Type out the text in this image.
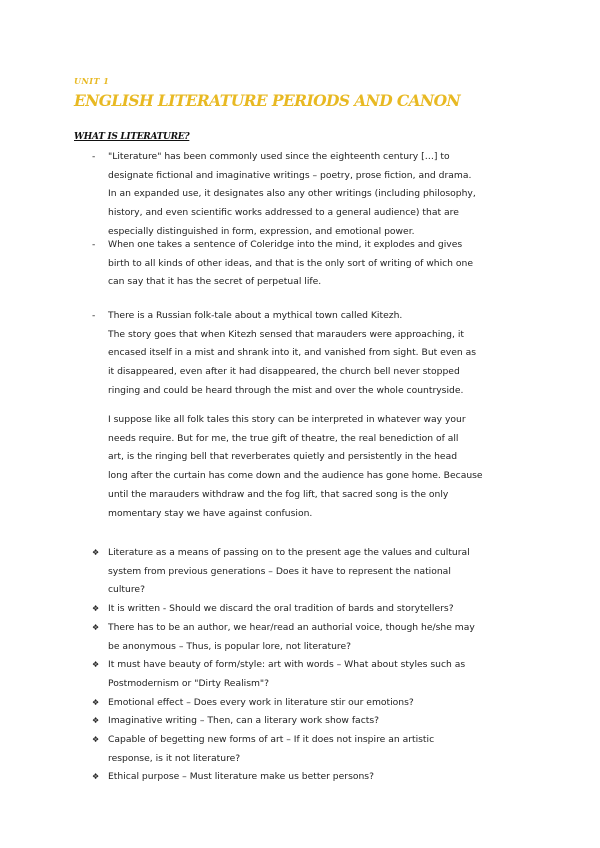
UNIT 1
ENGLISH LITERATURE PERIODS AND CANON
WHAT IS LITERATURE?
- "Literature" has been commonly used since the eighteenth century […] to
designate fictional and imaginative writings – poetry, prose fiction, and drama.
In an expanded use, it designates also any other writings (including philosophy,
history, and even scientific works addressed to a general audience) that are
especially distinguished in form, expression, and emotional power.
- When one takes a sentence of Coleridge into the mind, it explodes and gives
birth to all kinds of other ideas, and that is the only sort of writing of which one
can say that it has the secret of perpetual life.
- There is a Russian folk-tale about a mythical town called Kitezh.
The story goes that when Kitezh sensed that marauders were approaching, it
encased itself in a mist and shrank into it, and vanished from sight. But even as
it disappeared, even after it had disappeared, the church bell never stopped
ringing and could be heard through the mist and over the whole countryside.
I suppose like all folk tales this story can be interpreted in whatever way your
needs require. But for me, the true gift of theatre, the real benediction of all
art, is the ringing bell that reverberates quietly and persistently in the head
long after the curtain has come down and the audience has gone home. Because
until the marauders withdraw and the fog lift, that sacred song is the only
momentary stay we have against confusion.
❖ Literature as a means of passing on to the present age the values and cultural
system from previous generations – Does it have to represent the national
culture?
❖ It is written - Should we discard the oral tradition of bards and storytellers?
❖ There has to be an author, we hear/read an authorial voice, though he/she may
be anonymous – Thus, is popular lore, not literature?
❖ It must have beauty of form/style: art with words – What about styles such as
Postmodernism or "Dirty Realism"?
❖ Emotional effect – Does every work in literature stir our emotions?
❖ Imaginative writing – Then, can a literary work show facts?
❖ Capable of begetting new forms of art – If it does not inspire an artistic
response, is it not literature?
❖ Ethical purpose – Must literature make us better persons?
